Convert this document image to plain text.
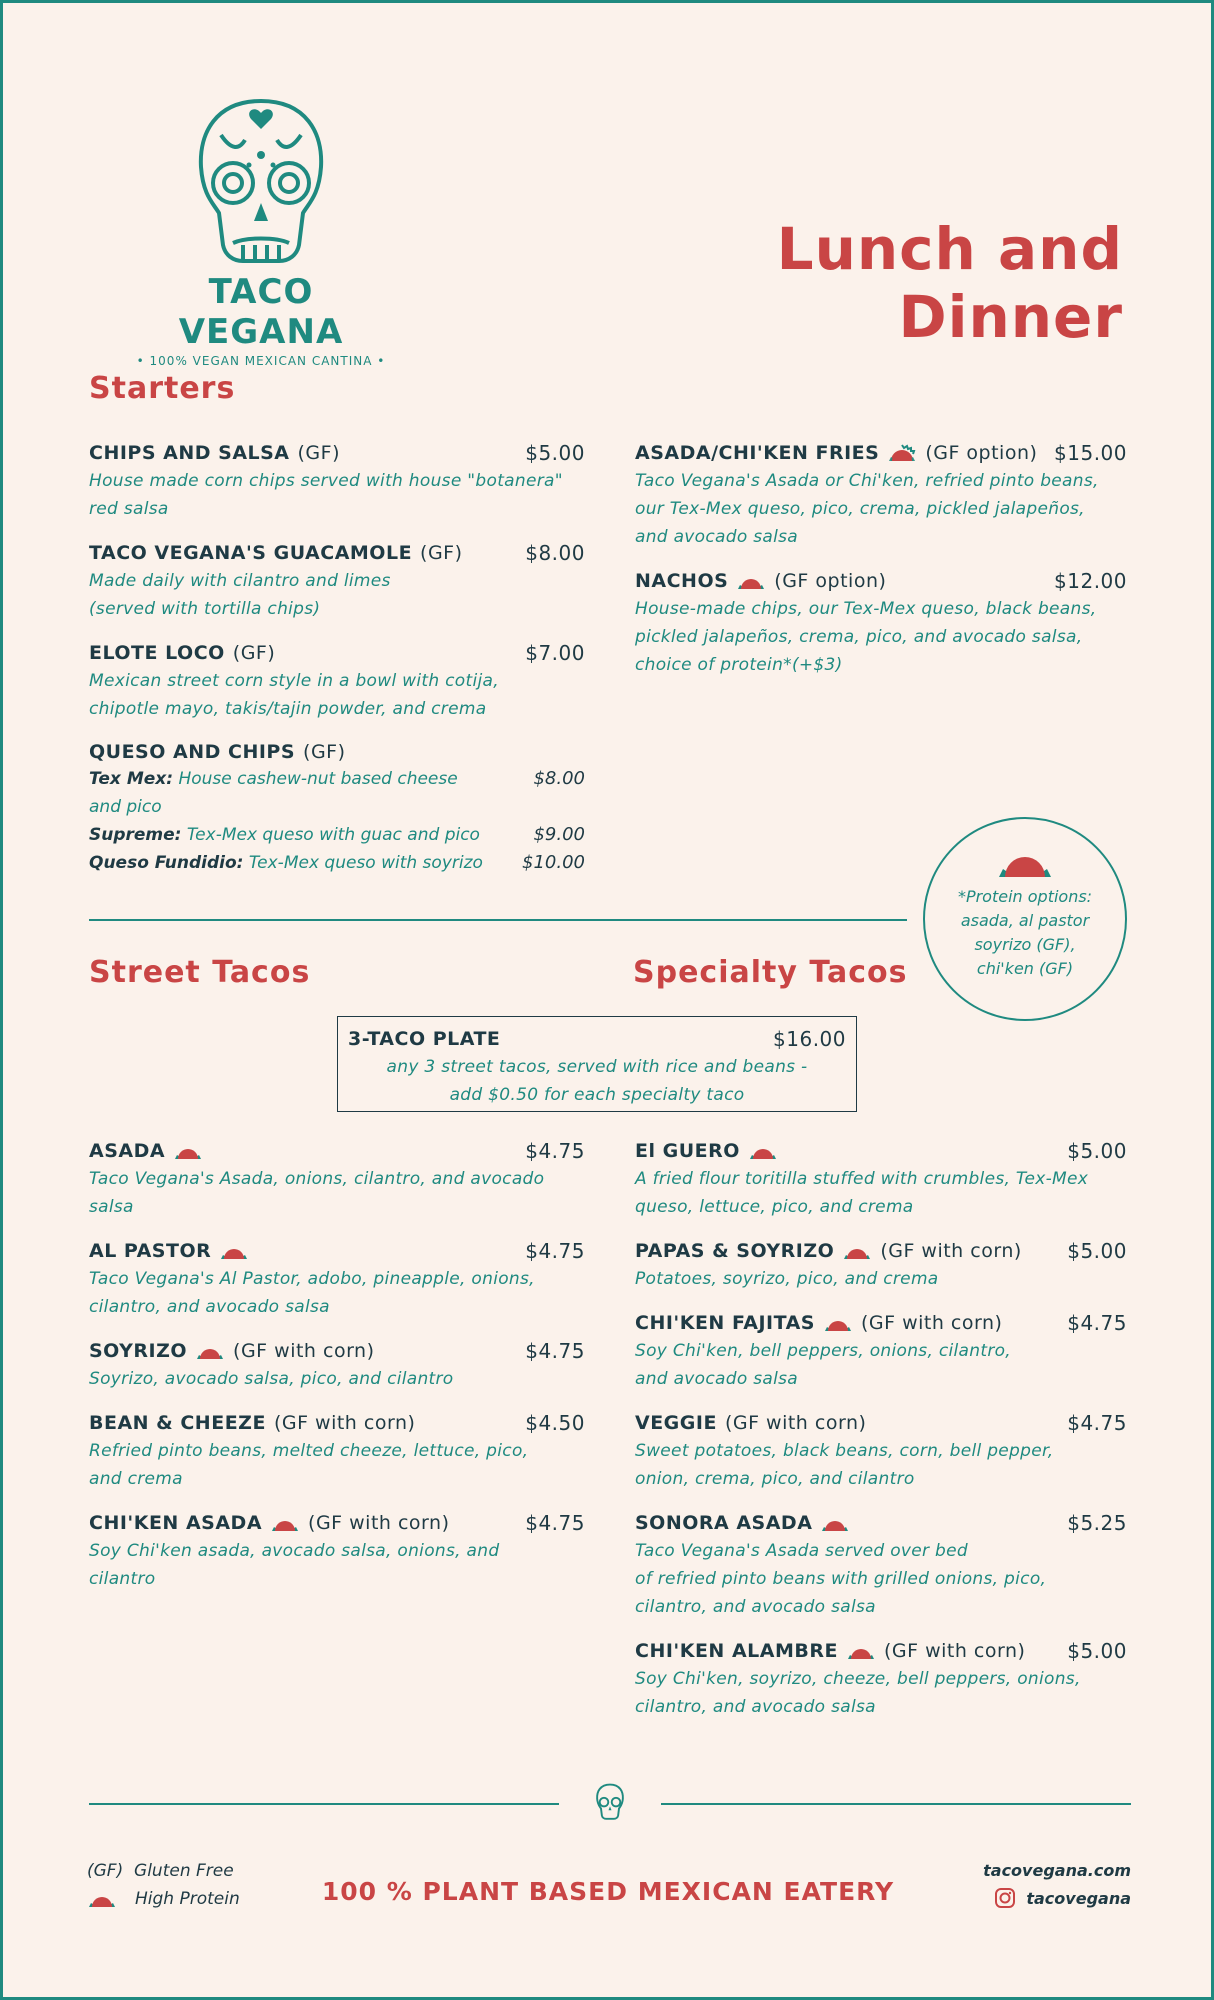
TACO VEGANA
• 100% VEGAN MEXICAN CANTINA •
Lunch and Dinner
Starters
CHIPS AND SALSA (GF)	$5.00
House made corn chips served with house "botanera"
red salsa
TACO VEGANA'S GUACAMOLE (GF)	$8.00
Made daily with cilantro and limes
(served with tortilla chips)
ELOTE LOCO (GF)	$7.00
Mexican street corn style in a bowl with cotija,
chipotle mayo, takis/tajin powder, and crema
QUESO AND CHIPS (GF)
Tex Mex: House cashew-nut based cheese	$8.00
and pico
Supreme: Tex-Mex queso with guac and pico	$9.00
Queso Fundidio: Tex-Mex queso with soyrizo $10.00
ASADA/CHI'KEN FRIES (GF option) $15.00
Taco Vegana's Asada or Chi'ken, refried pinto beans,
our Tex-Mex queso, pico, crema, pickled jalapeños,
and avocado salsa
NACHOS (GF option)	$12.00
House-made chips, our Tex-Mex queso, black beans,
pickled jalapeños, crema, pico, and avocado salsa,
choice of protein*(+$3)
*Protein options:
asada, al pastor
soyrizo (GF),
chi'ken (GF)
Street Tacos	Specialty Tacos
3-TACO PLATE	$16.00
any 3 street tacos, served with rice and beans -
add $0.50 for each specialty taco
ASADA	$4.75
Taco Vegana's Asada, onions, cilantro, and avocado
salsa
AL PASTOR	$4.75
Taco Vegana's Al Pastor, adobo, pineapple, onions,
cilantro, and avocado salsa
SOYRIZO (GF with corn)	$4.75
Soyrizo, avocado salsa, pico, and cilantro
BEAN & CHEEZE (GF with corn)	$4.50
Refried pinto beans, melted cheeze, lettuce, pico,
and crema
CHI'KEN ASADA (GF with corn)	$4.75
Soy Chi'ken asada, avocado salsa, onions, and
cilantro
El GUERO	$5.00
A fried flour toritilla stuffed with crumbles, Tex-Mex
queso, lettuce, pico, and crema
PAPAS & SOYRIZO (GF with corn) $5.00
Potatoes, soyrizo, pico, and crema
CHI'KEN FAJITAS (GF with corn)	$4.75
Soy Chi'ken, bell peppers, onions, cilantro,
and avocado salsa
VEGGIE (GF with corn)	$4.75
Sweet potatoes, black beans, corn, bell pepper,
onion, crema, pico, and cilantro
SONORA ASADA	$5.25
Taco Vegana's Asada served over bed
of refried pinto beans with grilled onions, pico,
cilantro, and avocado salsa
CHI'KEN ALAMBRE (GF with corn) $5.00
Soy Chi'ken, soyrizo, cheeze, bell peppers, onions,
cilantro, and avocado salsa
(GF) Gluten Free
High Protein	100 % PLANT BASED MEXICAN EATERY
tacovegana.com
tacovegana
